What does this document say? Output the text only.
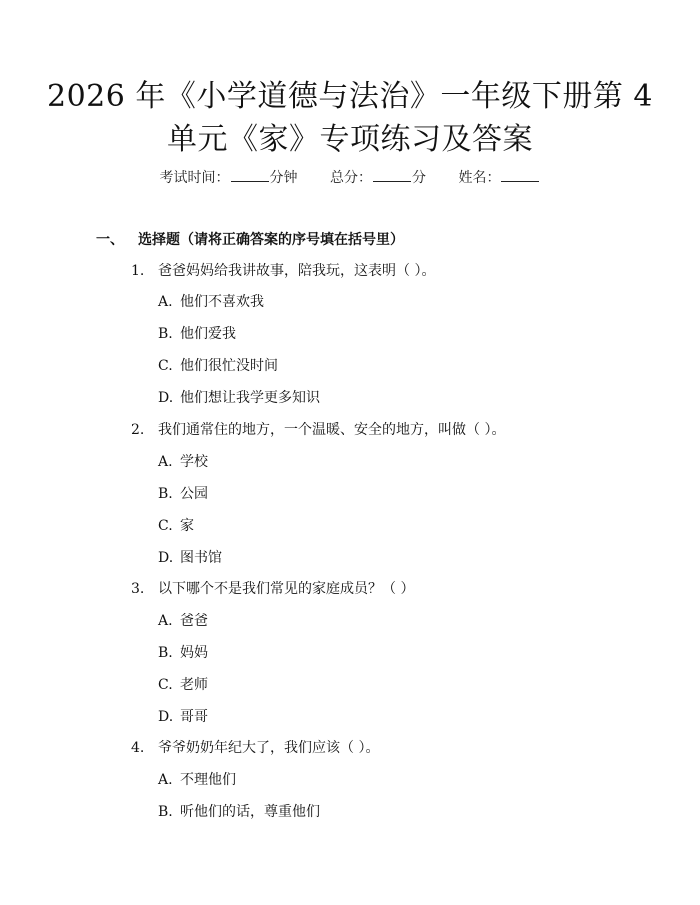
2026 年《小学道德与法治》一年级下册第 4
单元《家》专项练习及答案
考试时间：	分钟 总分：	分 姓名：
一、 选择题（请将正确答案的序号填在括号里）
1. 爸爸妈妈给我讲故事，陪我玩，这表明（ ）。
A. 他们不喜欢我
B. 他们爱我
C. 他们很忙没时间
D. 他们想让我学更多知识
2. 我们通常住的地方，一个温暖、安全的地方，叫做（ ）。
A. 学校
B. 公园
C. 家
D. 图书馆
3. 以下哪个不是我们常见的家庭成员？（ ）
A. 爸爸
B. 妈妈
C. 老师
D. 哥哥
4. 爷爷奶奶年纪大了，我们应该（ ）。
A. 不理他们
B. 听他们的话，尊重他们
